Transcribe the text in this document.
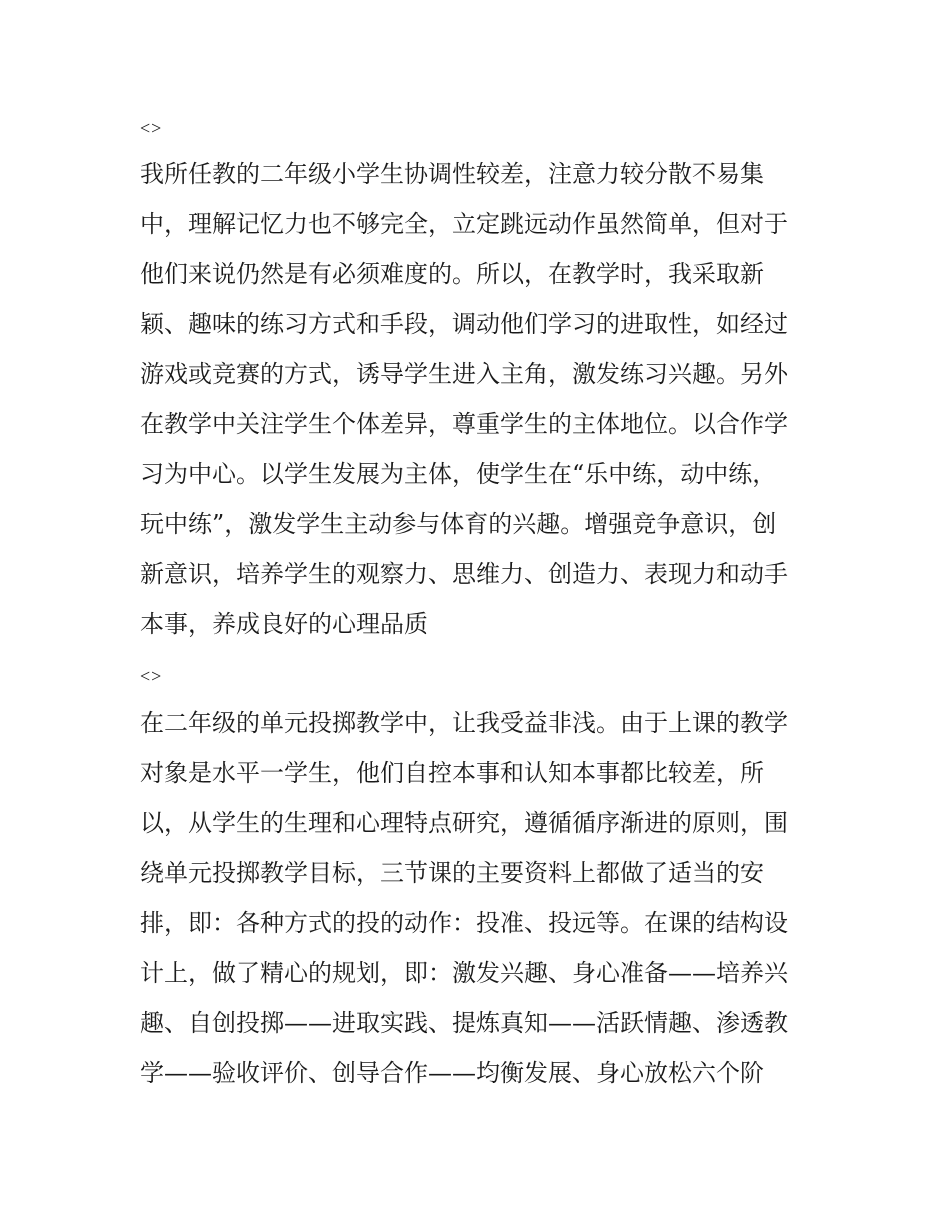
<>
我所任教的二年级小学生协调性较差，注意力较分散不易集
中，理解记忆力也不够完全，立定跳远动作虽然简单，但对于
他们来说仍然是有必须难度的。所以，在教学时，我采取新
颖、趣味的练习方式和手段，调动他们学习的进取性，如经过
游戏或竞赛的方式，诱导学生进入主角，激发练习兴趣。另外
在教学中关注学生个体差异，尊重学生的主体地位。以合作学
习为中心。以学生发展为主体，使学生在“乐中练，动中练，
玩中练”，激发学生主动参与体育的兴趣。增强竞争意识，创
新意识，培养学生的观察力、思维力、创造力、表现力和动手
本事，养成良好的心理品质
<>
在二年级的单元投掷教学中，让我受益非浅。由于上课的教学
对象是水平一学生，他们自控本事和认知本事都比较差，所
以，从学生的生理和心理特点研究，遵循循序渐进的原则，围
绕单元投掷教学目标，三节课的主要资料上都做了适当的安
排，即：各种方式的投的动作：投准、投远等。在课的结构设
计上，做了精心的规划，即：激发兴趣、身心准备——培养兴
趣、自创投掷——进取实践、提炼真知——活跃情趣、渗透教
学——验收评价、创导合作——均衡发展、身心放松六个阶
